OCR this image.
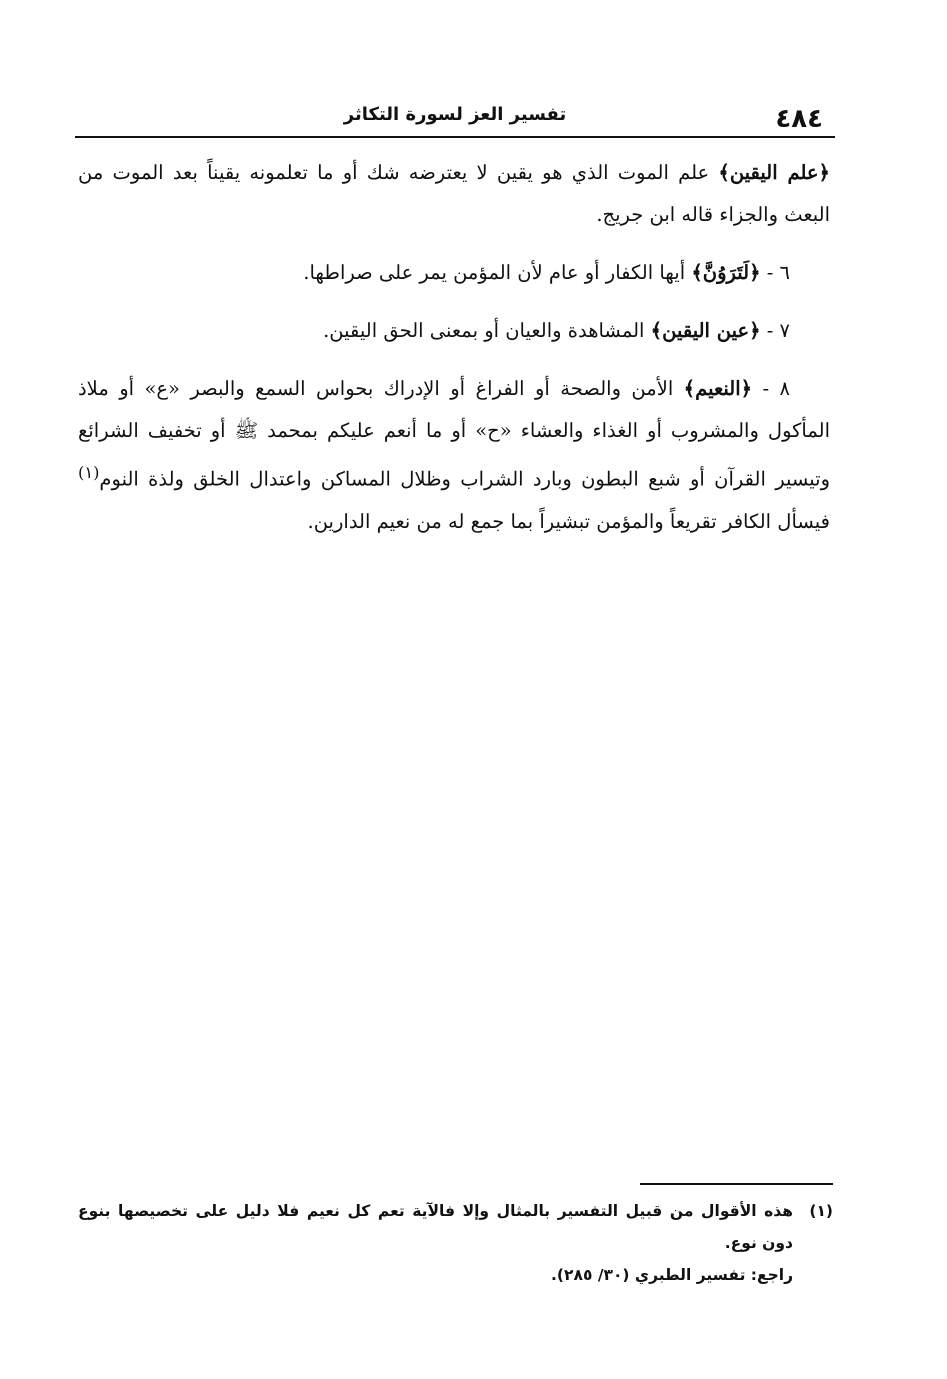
٤٨٤
تفسير العز لسورة التكاثر

﴿علم اليقين﴾ علم الموت الذي هو يقين لا يعترضه شك أو ما تعلمونه يقيناً بعد الموت من البعث والجزاء قاله ابن جريج.

٦ - ﴿لَتَرَوُنَّ﴾ أيها الكفار أو عام لأن المؤمن يمر على صراطها.

٧ - ﴿عين اليقين﴾ المشاهدة والعيان أو بمعنى الحق اليقين.

٨ - ﴿النعيم﴾ الأمن والصحة أو الفراغ أو الإدراك بحواس السمع والبصر «ع» أو ملاذ المأكول والمشروب أو الغذاء والعشاء «ح» أو ما أنعم عليكم بمحمد ﷺ أو تخفيف الشرائع وتيسير القرآن أو شبع البطون وبارد الشراب وظلال المساكن واعتدال الخلق ولذة النوم$^{(١)}$ فيسأل الكافر تقريعاً والمؤمن تبشيراً بما جمع له من نعيم الدارين.

(١)

هذه الأقوال من قبيل التفسير بالمثال وإلا فالآية تعم كل نعيم فلا دليل على تخصيصها بنوع دون نوع.

راجع: تفسير الطبري (٣٠/ ٢٨٥).
